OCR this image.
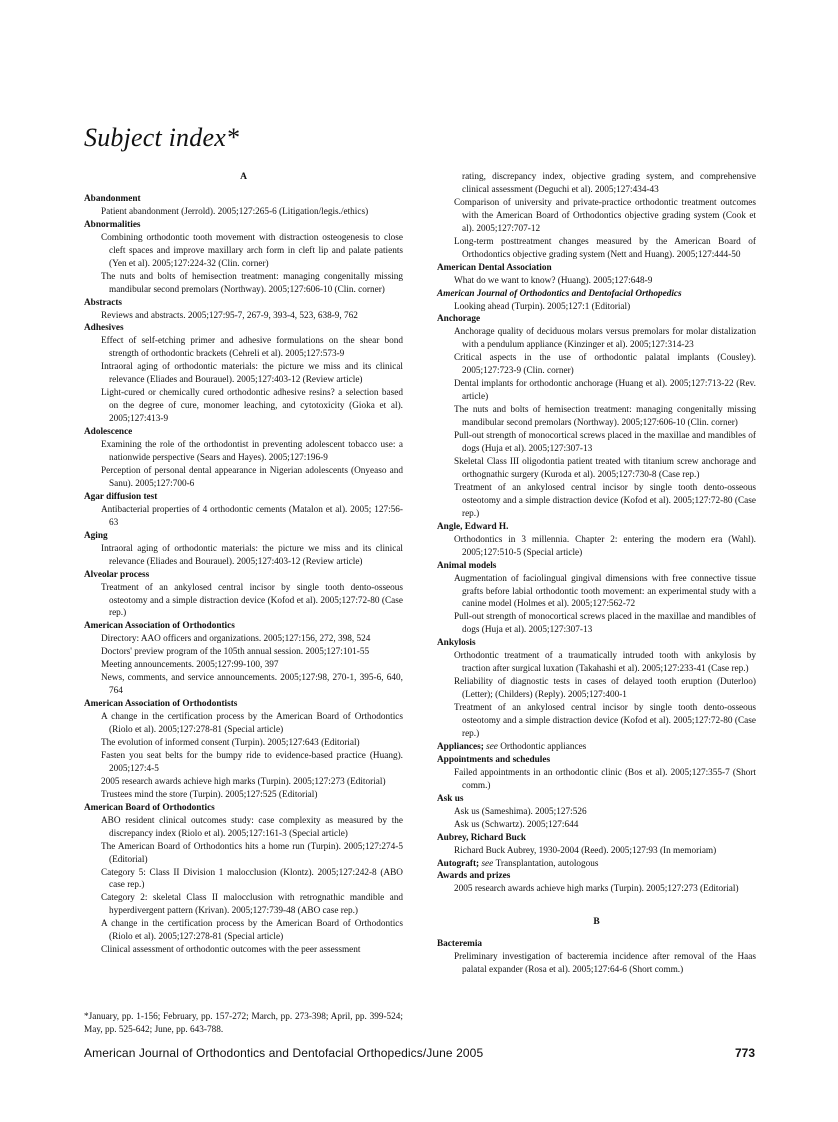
Subject index*
A
Abandonment
Patient abandonment (Jerrold). 2005;127:265-6 (Litigation/legis./ethics)
Abnormalities
Combining orthodontic tooth movement with distraction osteogenesis to close cleft spaces and improve maxillary arch form in cleft lip and palate patients (Yen et al). 2005;127:224-32 (Clin. corner)
The nuts and bolts of hemisection treatment: managing congenitally missing mandibular second premolars (Northway). 2005;127:606-10 (Clin. corner)
Abstracts
Reviews and abstracts. 2005;127:95-7, 267-9, 393-4, 523, 638-9, 762
Adhesives
Effect of self-etching primer and adhesive formulations on the shear bond strength of orthodontic brackets (Cehreli et al). 2005;127:573-9
Intraoral aging of orthodontic materials: the picture we miss and its clinical relevance (Eliades and Bourauel). 2005;127:403-12 (Review article)
Light-cured or chemically cured orthodontic adhesive resins? a selection based on the degree of cure, monomer leaching, and cytotoxicity (Gioka et al). 2005;127:413-9
Adolescence
Examining the role of the orthodontist in preventing adolescent tobacco use: a nationwide perspective (Sears and Hayes). 2005;127:196-9
Perception of personal dental appearance in Nigerian adolescents (Onyeaso and Sanu). 2005;127:700-6
Agar diffusion test
Antibacterial properties of 4 orthodontic cements (Matalon et al). 2005; 127:56-63
Aging
Intraoral aging of orthodontic materials: the picture we miss and its clinical relevance (Eliades and Bourauel). 2005;127:403-12 (Review article)
Alveolar process
Treatment of an ankylosed central incisor by single tooth dento-osseous osteotomy and a simple distraction device (Kofod et al). 2005;127:72-80 (Case rep.)
American Association of Orthodontics
Directory: AAO officers and organizations. 2005;127:156, 272, 398, 524
Doctors' preview program of the 105th annual session. 2005;127:101-55
Meeting announcements. 2005;127:99-100, 397
News, comments, and service announcements. 2005;127:98, 270-1, 395-6, 640, 764
American Association of Orthodontists
A change in the certification process by the American Board of Orthodontics (Riolo et al). 2005;127:278-81 (Special article)
The evolution of informed consent (Turpin). 2005;127:643 (Editorial)
Fasten you seat belts for the bumpy ride to evidence-based practice (Huang). 2005;127:4-5
2005 research awards achieve high marks (Turpin). 2005;127:273 (Editorial)
Trustees mind the store (Turpin). 2005;127:525 (Editorial)
American Board of Orthodontics
ABO resident clinical outcomes study: case complexity as measured by the discrepancy index (Riolo et al). 2005;127:161-3 (Special article)
The American Board of Orthodontics hits a home run (Turpin). 2005;127:274-5 (Editorial)
Category 5: Class II Division 1 malocclusion (Klontz). 2005;127:242-8 (ABO case rep.)
Category 2: skeletal Class II malocclusion with retrognathic mandible and hyperdivergent pattern (Krivan). 2005;127:739-48 (ABO case rep.)
A change in the certification process by the American Board of Orthodontics (Riolo et al). 2005;127:278-81 (Special article)
Clinical assessment of orthodontic outcomes with the peer assessment
rating, discrepancy index, objective grading system, and comprehensive clinical assessment (Deguchi et al). 2005;127:434-43
Comparison of university and private-practice orthodontic treatment outcomes with the American Board of Orthodontics objective grading system (Cook et al). 2005;127:707-12
Long-term posttreatment changes measured by the American Board of Orthodontics objective grading system (Nett and Huang). 2005;127:444-50
American Dental Association
What do we want to know? (Huang). 2005;127:648-9
American Journal of Orthodontics and Dentofacial Orthopedics
Looking ahead (Turpin). 2005;127:1 (Editorial)
Anchorage
Anchorage quality of deciduous molars versus premolars for molar distalization with a pendulum appliance (Kinzinger et al). 2005;127:314-23
Critical aspects in the use of orthodontic palatal implants (Cousley). 2005;127:723-9 (Clin. corner)
Dental implants for orthodontic anchorage (Huang et al). 2005;127:713-22 (Rev. article)
The nuts and bolts of hemisection treatment: managing congenitally missing mandibular second premolars (Northway). 2005;127:606-10 (Clin. corner)
Pull-out strength of monocortical screws placed in the maxillae and mandibles of dogs (Huja et al). 2005;127:307-13
Skeletal Class III oligodontia patient treated with titanium screw anchorage and orthognathic surgery (Kuroda et al). 2005;127:730-8 (Case rep.)
Treatment of an ankylosed central incisor by single tooth dento-osseous osteotomy and a simple distraction device (Kofod et al). 2005;127:72-80 (Case rep.)
Angle, Edward H.
Orthodontics in 3 millennia. Chapter 2: entering the modern era (Wahl). 2005;127:510-5 (Special article)
Animal models
Augmentation of faciolingual gingival dimensions with free connective tissue grafts before labial orthodontic tooth movement: an experimental study with a canine model (Holmes et al). 2005;127:562-72
Pull-out strength of monocortical screws placed in the maxillae and mandibles of dogs (Huja et al). 2005;127:307-13
Ankylosis
Orthodontic treatment of a traumatically intruded tooth with ankylosis by traction after surgical luxation (Takahashi et al). 2005;127:233-41 (Case rep.)
Reliability of diagnostic tests in cases of delayed tooth eruption (Duterloo) (Letter); (Childers) (Reply). 2005;127:400-1
Treatment of an ankylosed central incisor by single tooth dento-osseous osteotomy and a simple distraction device (Kofod et al). 2005;127:72-80 (Case rep.)
Appliances; see Orthodontic appliances
Appointments and schedules
Failed appointments in an orthodontic clinic (Bos et al). 2005;127:355-7 (Short comm.)
Ask us
Ask us (Sameshima). 2005;127:526
Ask us (Schwartz). 2005;127:644
Aubrey, Richard Buck
Richard Buck Aubrey, 1930-2004 (Reed). 2005;127:93 (In memoriam)
Autograft; see Transplantation, autologous
Awards and prizes
2005 research awards achieve high marks (Turpin). 2005;127:273 (Editorial)
B
Bacteremia
Preliminary investigation of bacteremia incidence after removal of the Haas palatal expander (Rosa et al). 2005;127:64-6 (Short comm.)
*January, pp. 1-156; February, pp. 157-272; March, pp. 273-398; April, pp. 399-524; May, pp. 525-642; June, pp. 643-788.
American Journal of Orthodontics and Dentofacial Orthopedics/June 2005	773
